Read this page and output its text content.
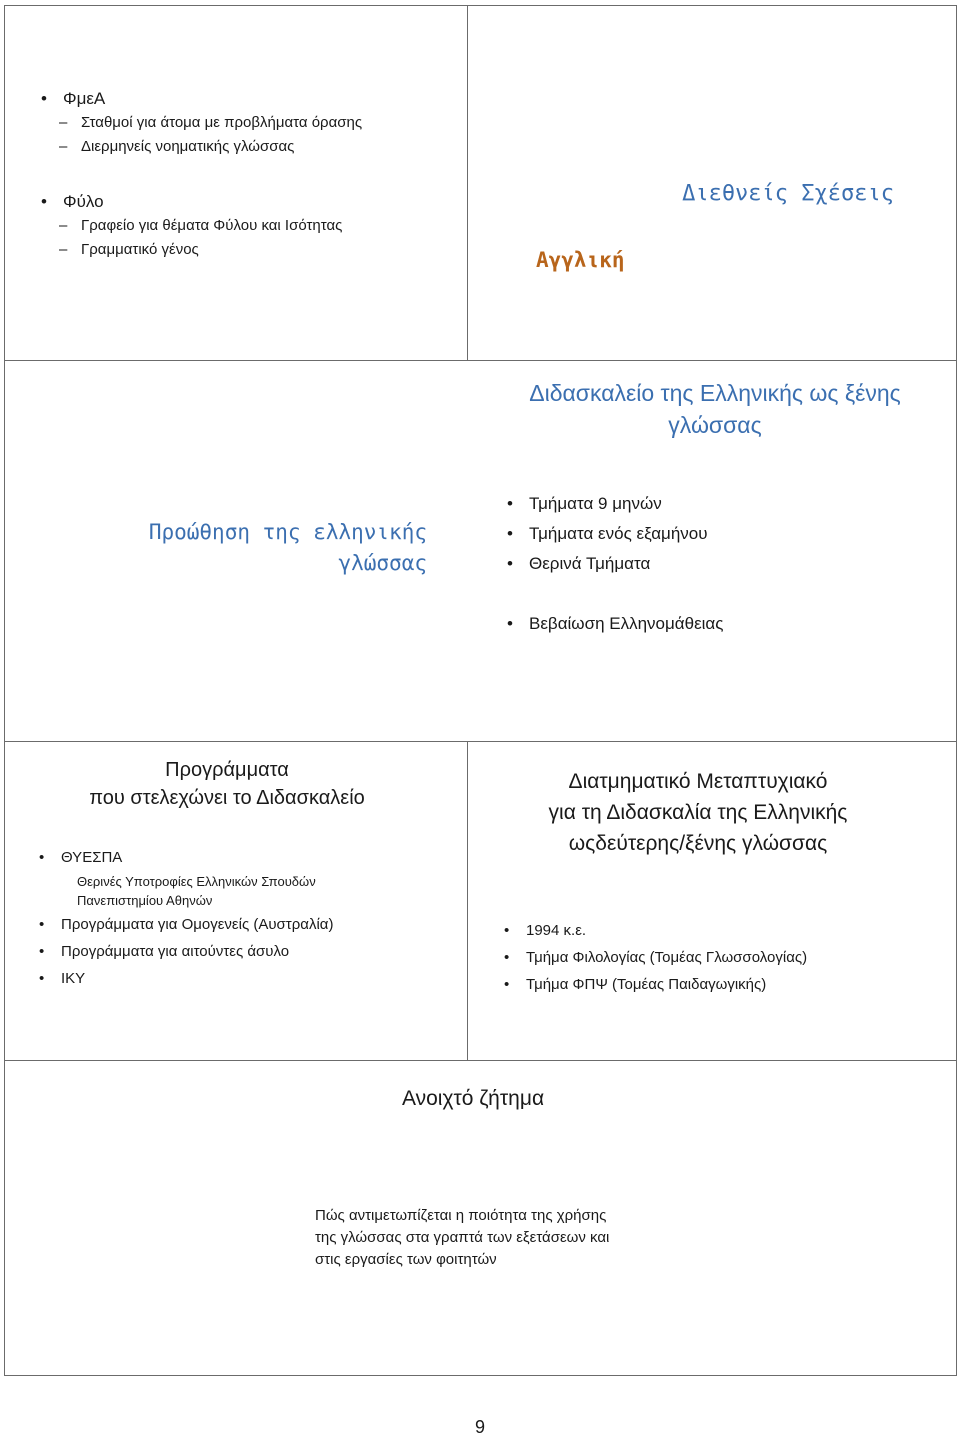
• ΦμεΑ
– Σταθμοί για άτομα με προβλήματα όρασης
– Διερμηνείς νοηματικής γλώσσας
• Φύλο
– Γραφείο για θέματα Φύλου και Ισότητας
– Γραμματικό γένος
Διεθνείς Σχέσεις
Αγγλική
Διδασκαλείο της Ελληνικής ως ξένης
γλώσσας
Προώθηση της ελληνικής
γλώσσας
• Τμήματα 9 μηνών
• Τμήματα ενός εξαμήνου
• Θερινά Τμήματα
• Βεβαίωση Ελληνομάθειας
Προγράμματα
που στελεχώνει το Διδασκαλείο
• ΘΥΕΣΠΑ
Θερινές Υποτροφίες Ελληνικών Σπουδών
Πανεπιστημίου Αθηνών
• Προγράμματα για Ομογενείς (Αυστραλία)
• Προγράμματα για αιτούντες άσυλο
• ΙΚΥ
Διατμηματικό Μεταπτυχιακό
για τη Διδασκαλία της Ελληνικής
ωςδεύτερης/ξένης γλώσσας
• 1994 κ.ε.
• Τμήμα Φιλολογίας (Τομέας Γλωσσολογίας)
• Τμήμα ΦΠΨ (Τομέας Παιδαγωγικής)
Ανοιχτό ζήτημα
Πώς αντιμετωπίζεται η ποιότητα της χρήσης
της γλώσσας στα γραπτά των εξετάσεων και
στις εργασίες των φοιτητών
9
